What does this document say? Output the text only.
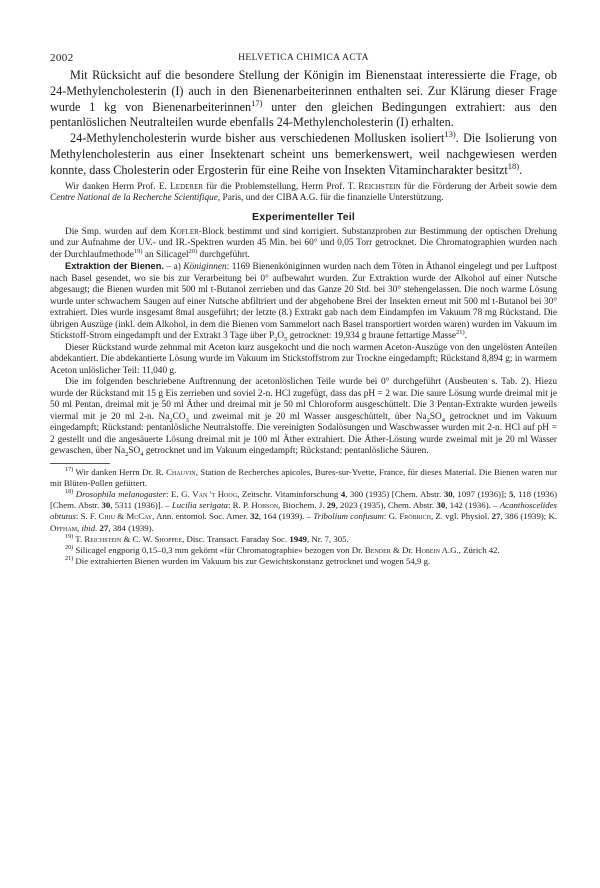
2002	HELVETICA CHIMICA ACTA

Mit Rücksicht auf die besondere Stellung der Königin im Bienenstaat interessierte die Frage, ob 24-Methylencholesterin (I) auch in den Bienenarbeiterinnen enthalten sei. Zur Klärung dieser Frage wurde 1 kg von Bienenarbeiterinnen$^{17)}$ unter den gleichen Bedingungen extrahiert: aus den pentanlöslichen Neutralteilen wurde ebenfalls 24-Methylencholesterin (I) erhalten.

24-Methylencholesterin wurde bisher aus verschiedenen Mollusken isoliert$^{13)}$. Die Isolierung von Methylencholesterin aus einer Insektenart scheint uns bemerkenswert, weil nachgewiesen werden konnte, dass Cholesterin oder Ergosterin für eine Reihe von Insekten Vitamincharakter besitzt$^{18)}$.

Wir danken Herrn Prof. E. Lederer für die Problemstellung, Herrn Prof. T. Reichstein für die Förderung der Arbeit sowie dem Centre National de la Recherche Scientifique, Paris, und der CIBA A.G. für die finanzielle Unterstützung.

Experimenteller Teil

Die Smp. wurden auf dem Kofler-Block bestimmt und sind korrigiert. Substanzproben zur Bestimmung der optischen Drehung und zur Aufnahme der UV.- und IR.-Spektren wurden 45 Min. bei 60° und 0,05 Torr getrocknet. Die Chromatographien wurden nach der Durchlaufmethode$^{19)}$ an Silicagel$^{20)}$ durchgeführt.

Extraktion der Bienen. – a) Königinnen: 1169 Bienenköniginnen wurden nach dem Töten in Äthanol eingelegt und per Luftpost nach Basel gesendet, wo sie bis zur Verarbeitung bei 0° aufbewahrt wurden. Zur Extraktion wurde der Alkohol auf einer Nutsche abgesaugt; die Bienen wurden mit 500 ml t-Butanol zerrieben und das Ganze 20 Std. bei 30° stehengelassen. Die noch warme Lösung wurde unter schwachem Saugen auf einer Nutsche abfiltriert und der abgehobene Brei der Insekten erneut mit 500 ml t-Butanol bei 30° extrahiert. Dies wurde insgesamt 8mal ausgeführt; der letzte (8.) Extrakt gab nach dem Eindampfen im Vakuum 78 mg Rückstand. Die übrigen Auszüge (inkl. dem Alkohol, in dem die Bienen vom Sammelort nach Basel transportiert worden waren) wurden im Vakuum im Stickstoff-Strom eingedampft und der Extrakt 3 Tage über $P_2O_5$ getrocknet: 19,934 g braune fettartige Masse$^{21)}$.

Dieser Rückstand wurde zehnmal mit Aceton kurz ausgekocht und die noch warmen Aceton-Auszüge von den ungelösten Anteilen abdekantiert. Die abdekantierte Lösung wurde im Vakuum im Stickstoffstrom zur Trockne eingedampft; Rückstand 8,894 g; in warmem Aceton unlöslicher Teil: 11,040 g.

Die im folgenden beschriebene Auftrennung der acetonlöslichen Teile wurde bei 0° durchgeführt (Ausbeuten s. Tab. 2). Hiezu wurde der Rückstand mit 15 g Eis zerrieben und soviel 2-n. HCl zugefügt, dass das pH = 2 war. Die saure Lösung wurde dreimal mit je 50 ml Pentan, dreimal mit je 50 ml Äther und dreimal mit je 50 ml Chloroform ausgeschüttelt. Die 3 Pentan-Extrakte wurden jeweils viermal mit je 20 ml 2-n. $Na_2CO_3$ und zweimal mit je 20 ml Wasser ausgeschüttelt, über $Na_2SO_4$ getrocknet und im Vakuum eingedampft; Rückstand: pentanlösliche Neutralstoffe. Die vereinigten Sodalösungen und Waschwasser wurden mit 2-n. HCl auf pH = 2 gestellt und die angesäuerte Lösung dreimal mit je 100 ml Äther extrahiert. Die Äther-Lösung wurde zweimal mit je 20 ml Wasser gewaschen, über $Na_2SO_4$ getrocknet und im Vakuum eingedampft; Rückstand: pentanlösliche Säuren.

$^{17)}$ Wir danken Herrn Dr. R. Chauvin, Station de Recherches apicoles, Bures-sur-Yvette, France, für dieses Material. Die Bienen waren nur mit Blüten-Pollen gefüttert.

$^{18)}$ Drosophila melanogaster: E. G. Van 't Hoog, Zeitschr. Vitaminforschung 4, 300 (1935) [Chem. Abstr. 30, 1097 (1936)]; 5, 118 (1936) [Chem. Abstr. 30, 5311 (1936)]. – Lucilia serigata: R. P. Hobson, Biochem. J. 29, 2023 (1935), Chem. Abstr. 30, 142 (1936). – Acanthoscelides obtutus: S. F. Chiu & McCay, Ann. entomol. Soc. Amer. 32, 164 (1939). – Tribolium confusum: G. Fröbrich, Z. vgl. Physiol. 27, 386 (1939); K. Offham, ibid. 27, 384 (1939).

$^{19)}$ T. Reichstein & C. W. Shoppee, Disc. Transact. Faraday Soc. 1949, Nr. 7, 305.

$^{20)}$ Silicagel engporig 0,15–0,3 mm gekörnt «für Chromatographie» bezogen von Dr. Bender & Dr. Hobein A.G., Zürich 42.

$^{21)}$ Die extrahierten Bienen wurden im Vakuum bis zur Gewichtskonstanz getrocknet und wogen 54,9 g.
